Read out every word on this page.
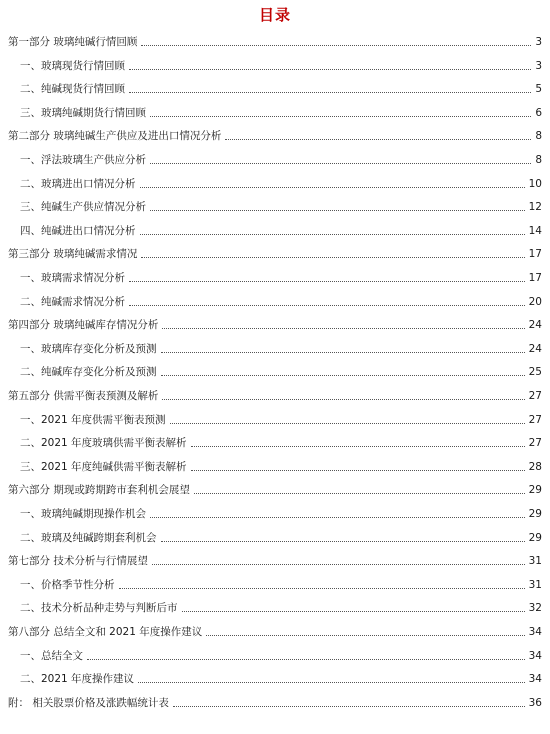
目录
第一部分 玻璃纯碱行情回顾	3
一、玻璃现货行情回顾	3
二、纯碱现货行情回顾	5
三、玻璃纯碱期货行情回顾	6
第二部分 玻璃纯碱生产供应及进出口情况分析	8
一、浮法玻璃生产供应分析	8
二、玻璃进出口情况分析	10
三、纯碱生产供应情况分析	12
四、纯碱进出口情况分析	14
第三部分 玻璃纯碱需求情况	17
一、玻璃需求情况分析	17
二、纯碱需求情况分析	20
第四部分 玻璃纯碱库存情况分析	24
一、玻璃库存变化分析及预测	24
二、纯碱库存变化分析及预测	25
第五部分 供需平衡表预测及解析	27
一、2021 年度供需平衡表预测	27
二、2021 年度玻璃供需平衡表解析	27
三、2021 年度纯碱供需平衡表解析	28
第六部分 期现或跨期跨市套利机会展望	29
一、玻璃纯碱期现操作机会	29
二、玻璃及纯碱跨期套利机会	29
第七部分 技术分析与行情展望	31
一、价格季节性分析	31
二、技术分析品种走势与判断后市	32
第八部分 总结全文和 2021 年度操作建议	34
一、总结全文	34
二、2021 年度操作建议	34
附： 相关股票价格及涨跌幅统计表	36
